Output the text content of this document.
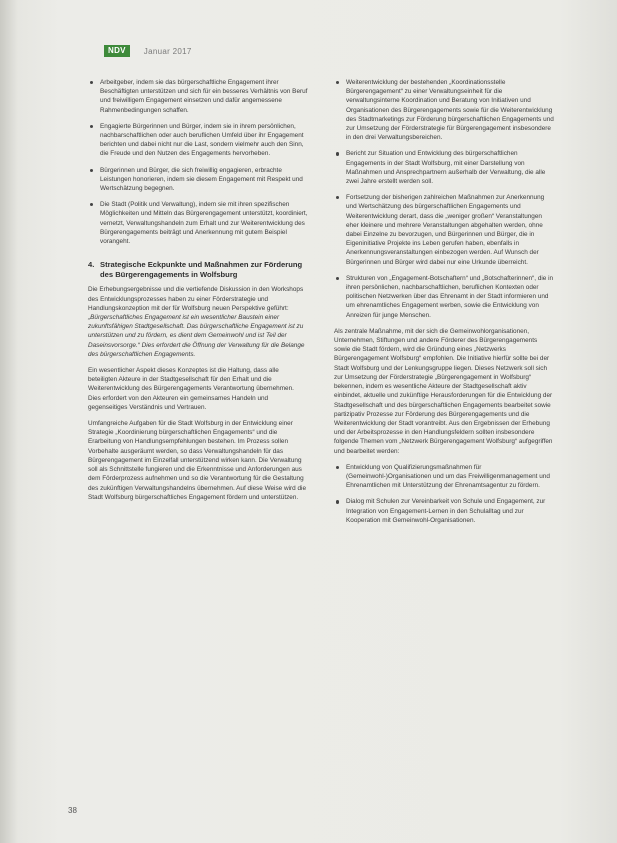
NDV	Januar 2017
Arbeitgeber, indem sie das bürgerschaftliche Engagement ihrer Beschäftigten unterstützen und sich für ein besseres Verhältnis von Beruf und freiwilligem Engagement einsetzen und dafür angemessene Rahmenbedingungen schaffen.
Engagierte Bürgerinnen und Bürger, indem sie in ihrem persönlichen, nachbarschaftlichen oder auch beruflichen Umfeld über ihr Engagement berichten und dabei nicht nur die Last, sondern vielmehr auch den Sinn, die Freude und den Nutzen des Engagements hervorheben.
Bürgerinnen und Bürger, die sich freiwillig engagieren, erbrachte Leistungen honorieren, indem sie diesem Engagement mit Respekt und Wertschätzung begegnen.
Die Stadt (Politik und Verwaltung), indem sie mit ihren spezifischen Möglichkeiten und Mitteln das Bürgerengagement unterstützt, koordiniert, vernetzt, Verwaltungshandeln zum Erhalt und zur Weiterentwicklung des Bürgerengagements beiträgt und Anerkennung mit gutem Beispiel vorangeht.
4. Strategische Eckpunkte und Maßnahmen zur Förderung des Bürgerengagements in Wolfsburg

Die Erhebungsergebnisse und die vertiefende Diskussion in den Workshops des Entwicklungsprozesses haben zu einer Förderstrategie und Handlungskonzeption mit der für Wolfsburg neuen Perspektive geführt: „Bürgerschaftliches Engagement ist ein wesentlicher Baustein einer zukunftsfähigen Stadtgesellschaft. Das bürgerschaftliche Engagement ist zu unterstützen und zu fördern, es dient dem Gemeinwohl und ist Teil der Daseinsvorsorge.“ Dies erfordert die Öffnung der Verwaltung für die Belange des bürgerschaftlichen Engagements.

Ein wesentlicher Aspekt dieses Konzeptes ist die Haltung, dass alle beteiligten Akteure in der Stadtgesellschaft für den Erhalt und die Weiterentwicklung des Bürgerengagements Verantwortung übernehmen. Dies erfordert von den Akteuren ein gemeinsames Handeln und gegenseitiges Verständnis und Vertrauen.

Umfangreiche Aufgaben für die Stadt Wolfsburg in der Entwicklung einer Strategie „Koordinierung bürgerschaftlichen Engagements“ und die Erarbeitung von Handlungsempfehlungen bestehen. Im Prozess sollen Vorbehalte ausgeräumt werden, so dass Verwaltungshandeln für das Bürgerengagement im Einzelfall unterstützend wirken kann. Die Verwaltung soll als Schnittstelle fungieren und die Erkenntnisse und Anforderungen aus dem Förderprozess aufnehmen und so die Verantwortung für die Gestaltung des zukünftigen Verwaltungshandelns übernehmen. Auf diese Weise wird die Stadt Wolfsburg bürgerschaftliches Engagement fördern und unterstützen.

Weiterentwicklung der bestehenden „Koordinationsstelle Bürgerengagement“ zu einer Verwaltungseinheit für die verwaltungsinterne Koordination und Beratung von Initiativen und Organisationen des Bürgerengagements sowie für die Weiterentwicklung des Stadtmarketings zur Förderung bürgerschaftlichen Engagements und zur Umsetzung der Förderstrategie für Bürgerengagement insbesondere in den drei Verwaltungsbereichen.
Bericht zur Situation und Entwicklung des bürgerschaftlichen Engagements in der Stadt Wolfsburg, mit einer Darstellung von Maßnahmen und Ansprechpartnern außerhalb der Verwaltung, die alle zwei Jahre erstellt werden soll.
Fortsetzung der bisherigen zahlreichen Maßnahmen zur Anerkennung und Wertschätzung des bürgerschaftlichen Engagements und Weiterentwicklung derart, dass die „weniger großen“ Veranstaltungen eher kleinere und mehrere Veranstaltungen abgehalten werden, ohne dabei Einzelne zu bevorzugen, und Bürgerinnen und Bürger, die in Eigeninitiative Projekte ins Leben gerufen haben, ebenfalls in Anerkennungsveranstaltungen einbezogen werden. Auf Wunsch der Bürgerinnen und Bürger wird dabei nur eine Urkunde überreicht.
Strukturen von „Engagement-Botschaftern“ und „Botschafterinnen“, die in ihren persönlichen, nachbarschaftlichen, beruflichen Kontexten oder politischen Netzwerken über das Ehrenamt in der Stadt informieren und um ehrenamtliches Engagement werben, sowie die Entwicklung von Anreizen für junge Menschen.

Als zentrale Maßnahme, mit der sich die Gemeinwohlorganisationen, Unternehmen, Stiftungen und andere Förderer des Bürgerengagements sowie die Stadt fördern, wird die Gründung eines „Netzwerks Bürgerengagement Wolfsburg“ empfohlen. Die Initiative hierfür sollte bei der Stadt Wolfsburg und der Lenkungsgruppe liegen. Dieses Netzwerk soll sich zur Umsetzung der Förderstrategie „Bürgerengagement in Wolfsburg“ bekennen, indem es wesentliche Akteure der Stadtgesellschaft aktiv einbindet, aktuelle und zukünftige Herausforderungen für die Entwicklung der Stadtgesellschaft und des bürgerschaftlichen Engagements bearbeitet sowie partizipativ Prozesse zur Förderung des Bürgerengagements und die Weiterentwicklung der Stadt vorantreibt. Aus den Ergebnissen der Erhebung und der Arbeitsprozesse in den Handlungsfeldern sollten insbesondere folgende Themen vom „Netzwerk Bürgerengagement Wolfsburg“ aufgegriffen und bearbeitet werden:

Entwicklung von Qualifizierungsmaßnahmen für (Gemeinwohl-)Organisationen und um das Freiwilligenmanagement und Ehrenamtlichen mit Unterstützung der Ehrenamtsagentur zu fördern.
Dialog mit Schulen zur Vereinbarkeit von Schule und Engagement, zur Integration von Engagement-Lernen in den Schulalltag und zur Kooperation mit Gemeinwohl-Organisationen.
38
